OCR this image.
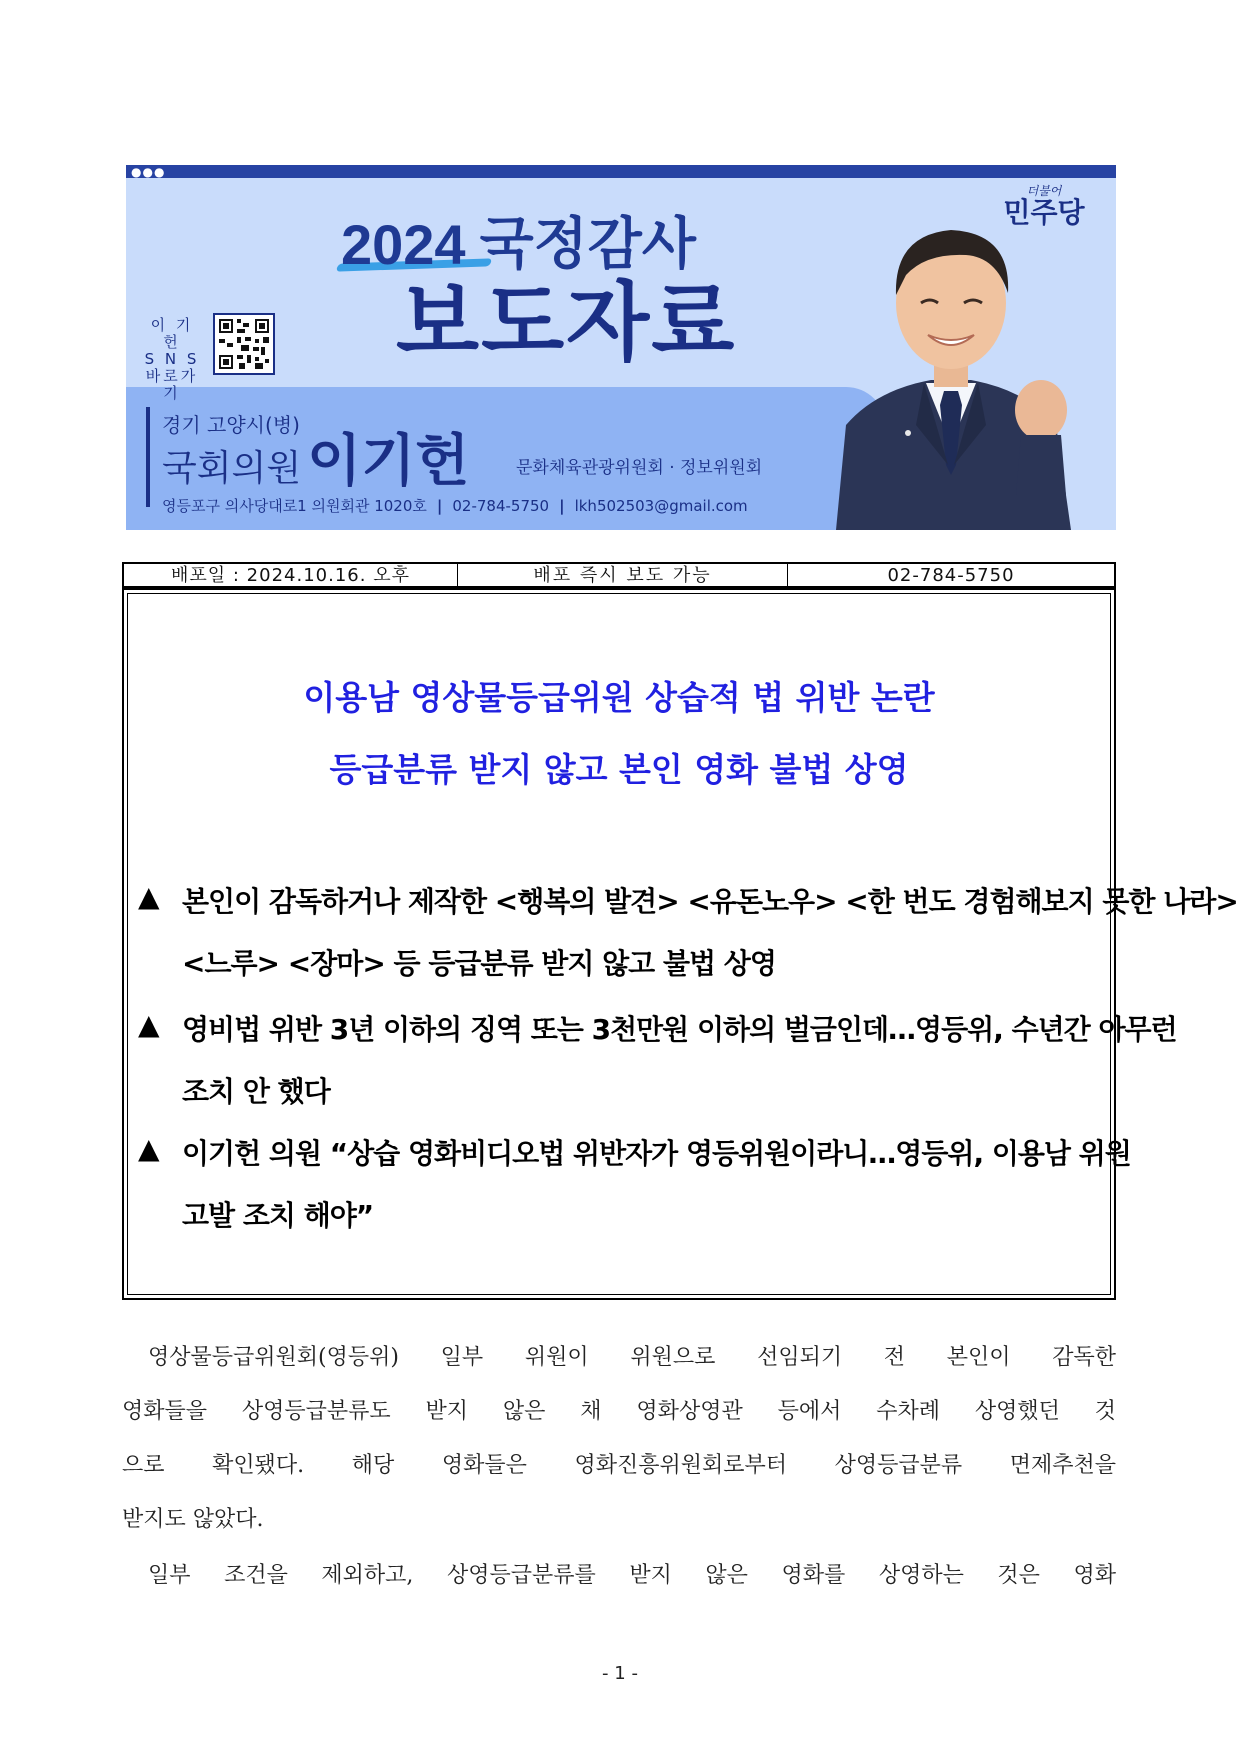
●●●
2024 국정감사
보도자료
이 기 헌
S N S
바로가기
경기 고양시(병)
국회의원 이기헌	문화체육관광위원회 · 정보위원회
영등포구 의사당대로1 의원회관 1020호 | 02-784-5750 | lkh502503@gmail.com
더불어
민주당
배포일 : 2024.10.16. 오후	배포 즉시 보도 가능	02-784-5750
이용남 영상물등급위원 상습적 법 위반 논란
등급분류 받지 않고 본인 영화 불법 상영
▲ 본인이 감독하거나 제작한 <행복의 발견> <유돈노우> <한 번도 경험해보지 못한 나라>
<느루> <장마> 등 등급분류 받지 않고 불법 상영
▲ 영비법 위반 3년 이하의 징역 또는 3천만원 이하의 벌금인데…영등위, 수년간 아무런
조치 안 했다
▲ 이기헌 의원 “상습 영화비디오법 위반자가 영등위원이라니…영등위, 이용남 위원
고발 조치 해야”
영상물등급위원회(영등위) 일부 위원이 위원으로 선임되기 전 본인이 감독한
영화들을 상영등급분류도 받지 않은 채 영화상영관 등에서 수차례 상영했던 것
으로 확인됐다. 해당 영화들은 영화진흥위원회로부터 상영등급분류 면제추천을
받지도 않았다.
일부 조건을 제외하고, 상영등급분류를 받지 않은 영화를 상영하는 것은 영화
- 1 -
